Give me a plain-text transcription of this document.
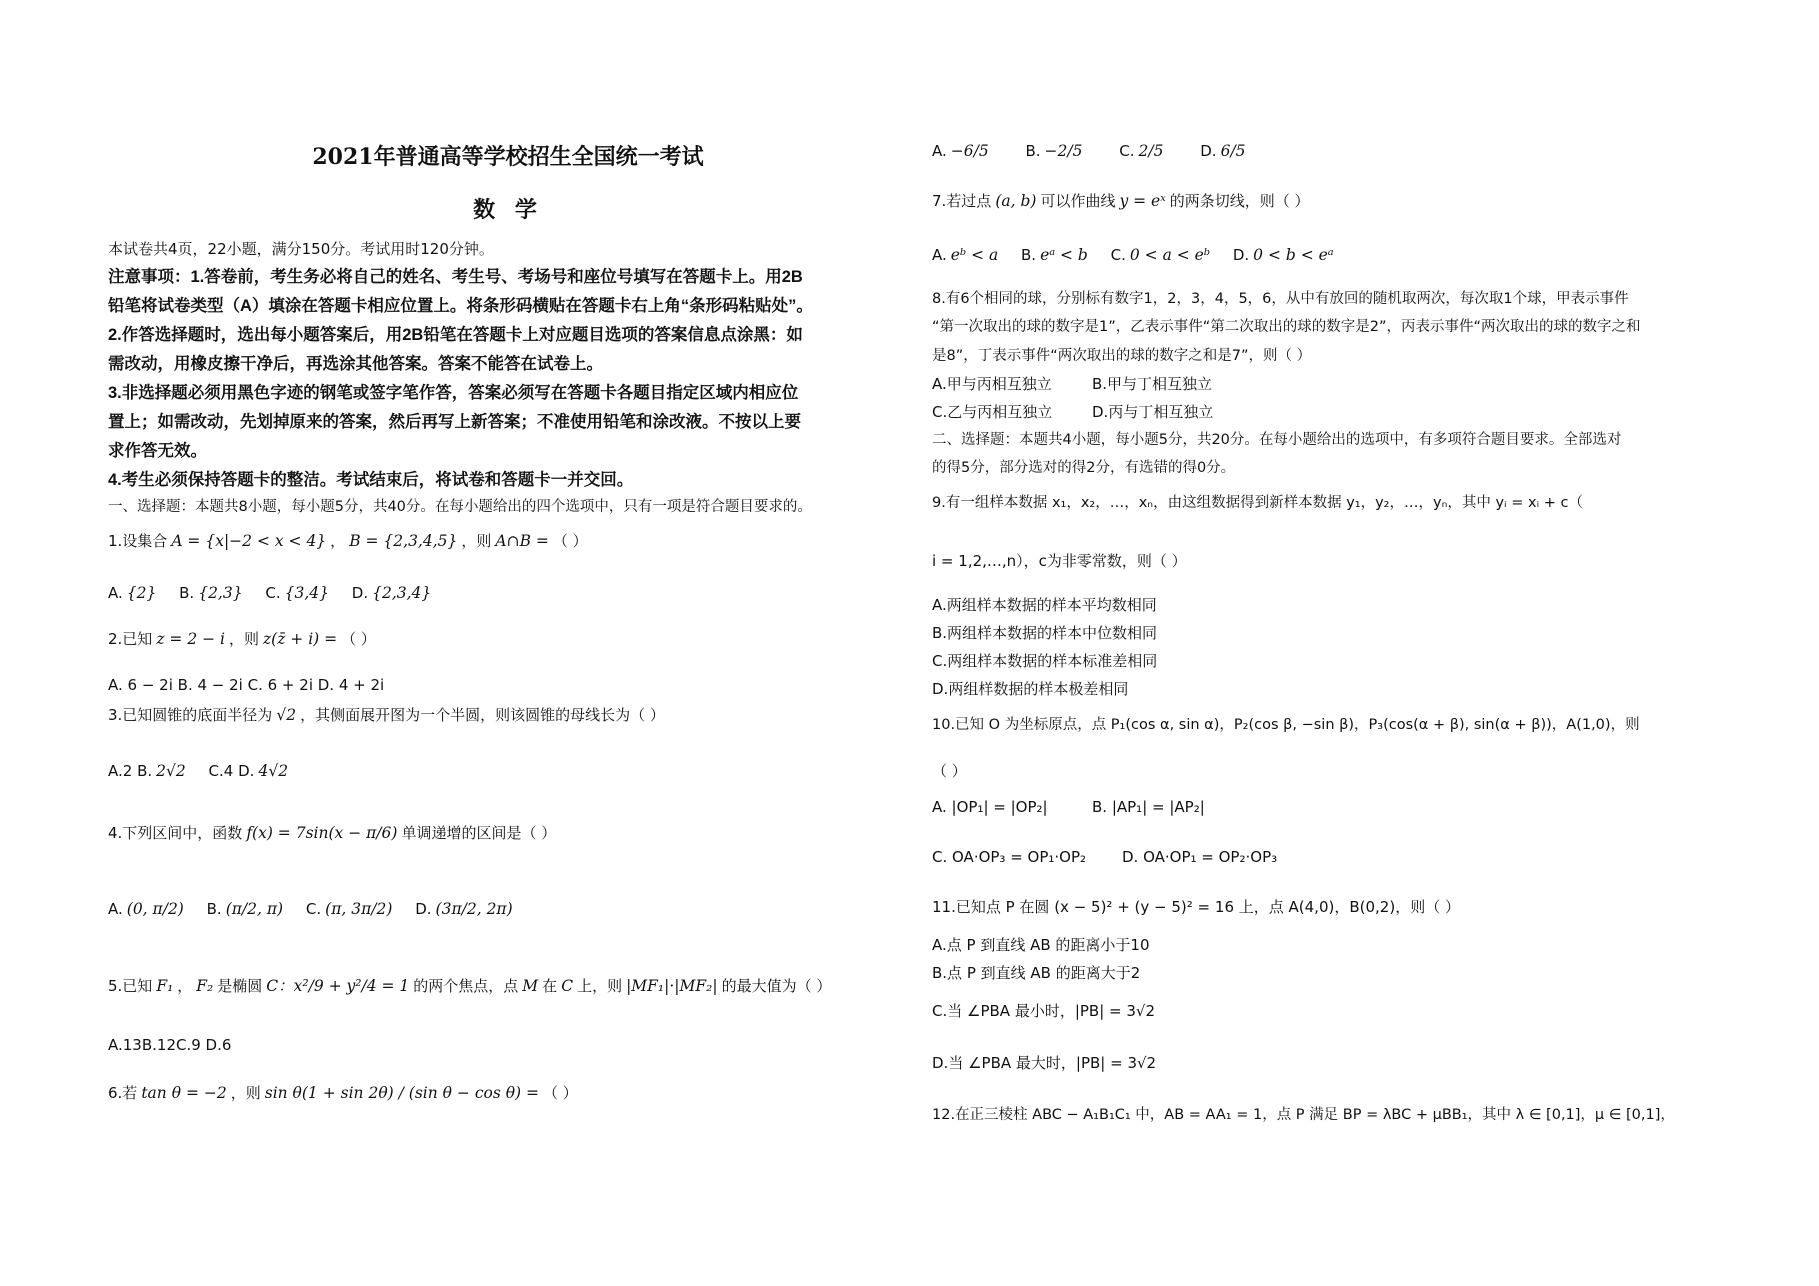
2021年普通高等学校招生全国统一考试
数 学
本试卷共4页，22小题，满分150分。考试用时120分钟。
注意事项：1.答卷前，考生务必将自己的姓名、考生号、考场号和座位号填写在答题卡上。用2B
铅笔将试卷类型（A）填涂在答题卡相应位置上。将条形码横贴在答题卡右上角“条形码粘贴处”。
2.作答选择题时，选出每小题答案后，用2B铅笔在答题卡上对应题目选项的答案信息点涂黑：如
需改动，用橡皮擦干净后，再选涂其他答案。答案不能答在试卷上。
3.非选择题必须用黑色字迹的钢笔或签字笔作答，答案必须写在答题卡各题目指定区域内相应位
置上；如需改动，先划掉原来的答案，然后再写上新答案；不准使用铅笔和涂改液。不按以上要
求作答无效。
4.考生必须保持答题卡的整洁。考试结束后，将试卷和答题卡一并交回。
一、选择题：本题共8小题，每小题5分，共40分。在每小题给出的四个选项中，只有一项是符合题目要求的。
1.设集合 A = {x|−2 < x < 4} ， B = {2,3,4,5} ，则 A∩B = （ ）
A. {2} B. {2,3} C. {3,4} D. {2,3,4}
2.已知 z = 2 − i ，则 z(z̄ + i) = （ ）
A. 6 − 2i B. 4 − 2i C. 6 + 2i D. 4 + 2i
3.已知圆锥的底面半径为 √2 ，其侧面展开图为一个半圆，则该圆锥的母线长为（ ）
A.2 B. 2√2 C.4 D. 4√2
4.下列区间中，函数 f(x) = 7sin(x − π/6) 单调递增的区间是（ ）
A. (0, π/2) B. (π/2, π) C. (π, 3π/2) D. (3π/2, 2π)
5.已知 F₁ ， F₂ 是椭圆 C：x²/9 + y²/4 = 1 的两个焦点，点 M 在 C 上，则 |MF₁|·|MF₂| 的最大值为（ ）
A.13B.12C.9 D.6
6.若 tan θ = −2 ，则 sin θ(1 + sin 2θ) / (sin θ − cos θ) = （ ）
A. −6/5
B. −2/5
C. 2/5
D. 6/5
7.若过点 (a, b) 可以作曲线 y = eˣ 的两条切线，则（ ）
A. eᵇ < a B. eᵃ < b C. 0 < a < eᵇ D. 0 < b < eᵃ
8.有6个相同的球，分别标有数字1，2，3，4，5，6，从中有放回的随机取两次，每次取1个球，甲表示事件
“第一次取出的球的数字是1”，乙表示事件“第二次取出的球的数字是2”，丙表示事件“两次取出的球的数字之和
是8”，丁表示事件“两次取出的球的数字之和是7”，则（ ）
A.甲与丙相互独立	B.甲与丁相互独立
C.乙与丙相互独立	D.丙与丁相互独立
二、选择题：本题共4小题，每小题5分，共20分。在每小题给出的选项中，有多项符合题目要求。全部选对
的得5分，部分选对的得2分，有选错的得0分。
9.有一组样本数据 x₁，x₂，…，xₙ，由这组数据得到新样本数据 y₁，y₂，…，yₙ，其中 yᵢ = xᵢ + c（
i = 1,2,…,n），c为非零常数，则（ ）
A.两组样本数据的样本平均数相同
B.两组样本数据的样本中位数相同
C.两组样本数据的样本标准差相同
D.两组样数据的样本极差相同
10.已知 O 为坐标原点，点 P₁(cos α, sin α)，P₂(cos β, −sin β)，P₃(cos(α + β), sin(α + β))，A(1,0)，则
（ ）
A. |OP₁| = |OP₂|	B. |AP₁| = |AP₂|
C. OA·OP₃ = OP₁·OP₂ D. OA·OP₁ = OP₂·OP₃
11.已知点 P 在圆 (x − 5)² + (y − 5)² = 16 上，点 A(4,0)，B(0,2)，则（ ）
A.点 P 到直线 AB 的距离小于10
B.点 P 到直线 AB 的距离大于2
C.当 ∠PBA 最小时，|PB| = 3√2
D.当 ∠PBA 最大时，|PB| = 3√2
12.在正三棱柱 ABC − A₁B₁C₁ 中，AB = AA₁ = 1，点 P 满足 BP = λBC + μBB₁，其中 λ ∈ [0,1]，μ ∈ [0,1]，
